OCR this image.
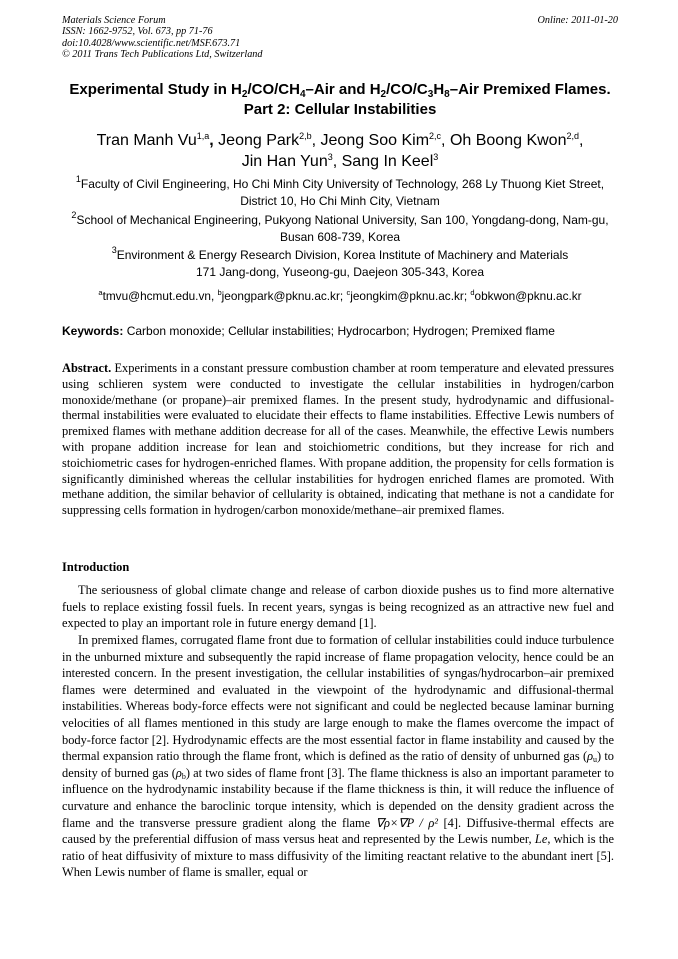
Materials Science Forum
ISSN: 1662-9752, Vol. 673, pp 71-76
doi:10.4028/www.scientific.net/MSF.673.71
© 2011 Trans Tech Publications Ltd, Switzerland
Online: 2011-01-20
Experimental Study in $H_2/CO/CH_4$–Air and $H_2/CO/C_3H_8$–Air Premixed Flames. Part 2: Cellular Instabilities
Tran Manh Vu$^{1,a}$, Jeong Park$^{2,b}$, Jeong Soo Kim$^{2,c}$, Oh Boong Kwon$^{2,d}$,
Jin Han Yun$^3$, Sang In Keel$^3$
$^1$Faculty of Civil Engineering, Ho Chi Minh City University of Technology, 268 Ly Thuong Kiet Street, District 10, Ho Chi Minh City, Vietnam
$^2$School of Mechanical Engineering, Pukyong National University, San 100, Yongdang-dong, Nam-gu, Busan 608-739, Korea
$^3$Environment & Energy Research Division, Korea Institute of Machinery and Materials
171 Jang-dong, Yuseong-gu, Daejeon 305-343, Korea
$^a$tmvu@hcmut.edu.vn, $^b$jeongpark@pknu.ac.kr; $^c$jeongkim@pknu.ac.kr; $^d$obkwon@pknu.ac.kr
Keywords: Carbon monoxide; Cellular instabilities; Hydrocarbon; Hydrogen; Premixed flame

Abstract. Experiments in a constant pressure combustion chamber at room temperature and elevated pressures using schlieren system were conducted to investigate the cellular instabilities in hydrogen/carbon monoxide/methane (or propane)–air premixed flames. In the present study, hydrodynamic and diffusional-thermal instabilities were evaluated to elucidate their effects to flame instabilities. Effective Lewis numbers of premixed flames with methane addition decrease for all of the cases. Meanwhile, the effective Lewis numbers with propane addition increase for lean and stoichiometric conditions, but they increase for rich and stoichiometric cases for hydrogen-enriched flames. With propane addition, the propensity for cells formation is significantly diminished whereas the cellular instabilities for hydrogen enriched flames are promoted. With methane addition, the similar behavior of cellularity is obtained, indicating that methane is not a candidate for suppressing cells formation in hydrogen/carbon monoxide/methane–air premixed flames.

Introduction

The seriousness of global climate change and release of carbon dioxide pushes us to find more alternative fuels to replace existing fossil fuels. In recent years, syngas is being recognized as an attractive new fuel and expected to play an important role in future energy demand [1].

In premixed flames, corrugated flame front due to formation of cellular instabilities could induce turbulence in the unburned mixture and subsequently the rapid increase of flame propagation velocity, hence could be an interested concern. In the present investigation, the cellular instabilities of syngas/hydrocarbon–air premixed flames were determined and evaluated in the viewpoint of the hydrodynamic and diffusional-thermal instabilities. Whereas body-force effects were not significant and could be neglected because laminar burning velocities of all flames mentioned in this study are large enough to make the flames overcome the impact of body-force factor [2]. Hydrodynamic effects are the most essential factor in flame instability and caused by the thermal expansion ratio through the flame front, which is defined as the ratio of density of unburned gas $(\rho_u)$ to density of burned gas $(\rho_b)$ at two sides of flame front [3]. The flame thickness is also an important parameter to influence on the hydrodynamic instability because if the flame thickness is thin, it will reduce the influence of curvature and enhance the baroclinic torque intensity, which is depended on the density gradient across the flame and the transverse pressure gradient along the flame ∇ρ×∇P / ρ² [4]. Diffusive-thermal effects are caused by the preferential diffusion of mass versus heat and represented by the Lewis number, Le, which is the ratio of heat diffusivity of mixture to mass diffusivity of the limiting reactant relative to the abundant inert [5]. When Lewis number of flame is smaller, equal or
